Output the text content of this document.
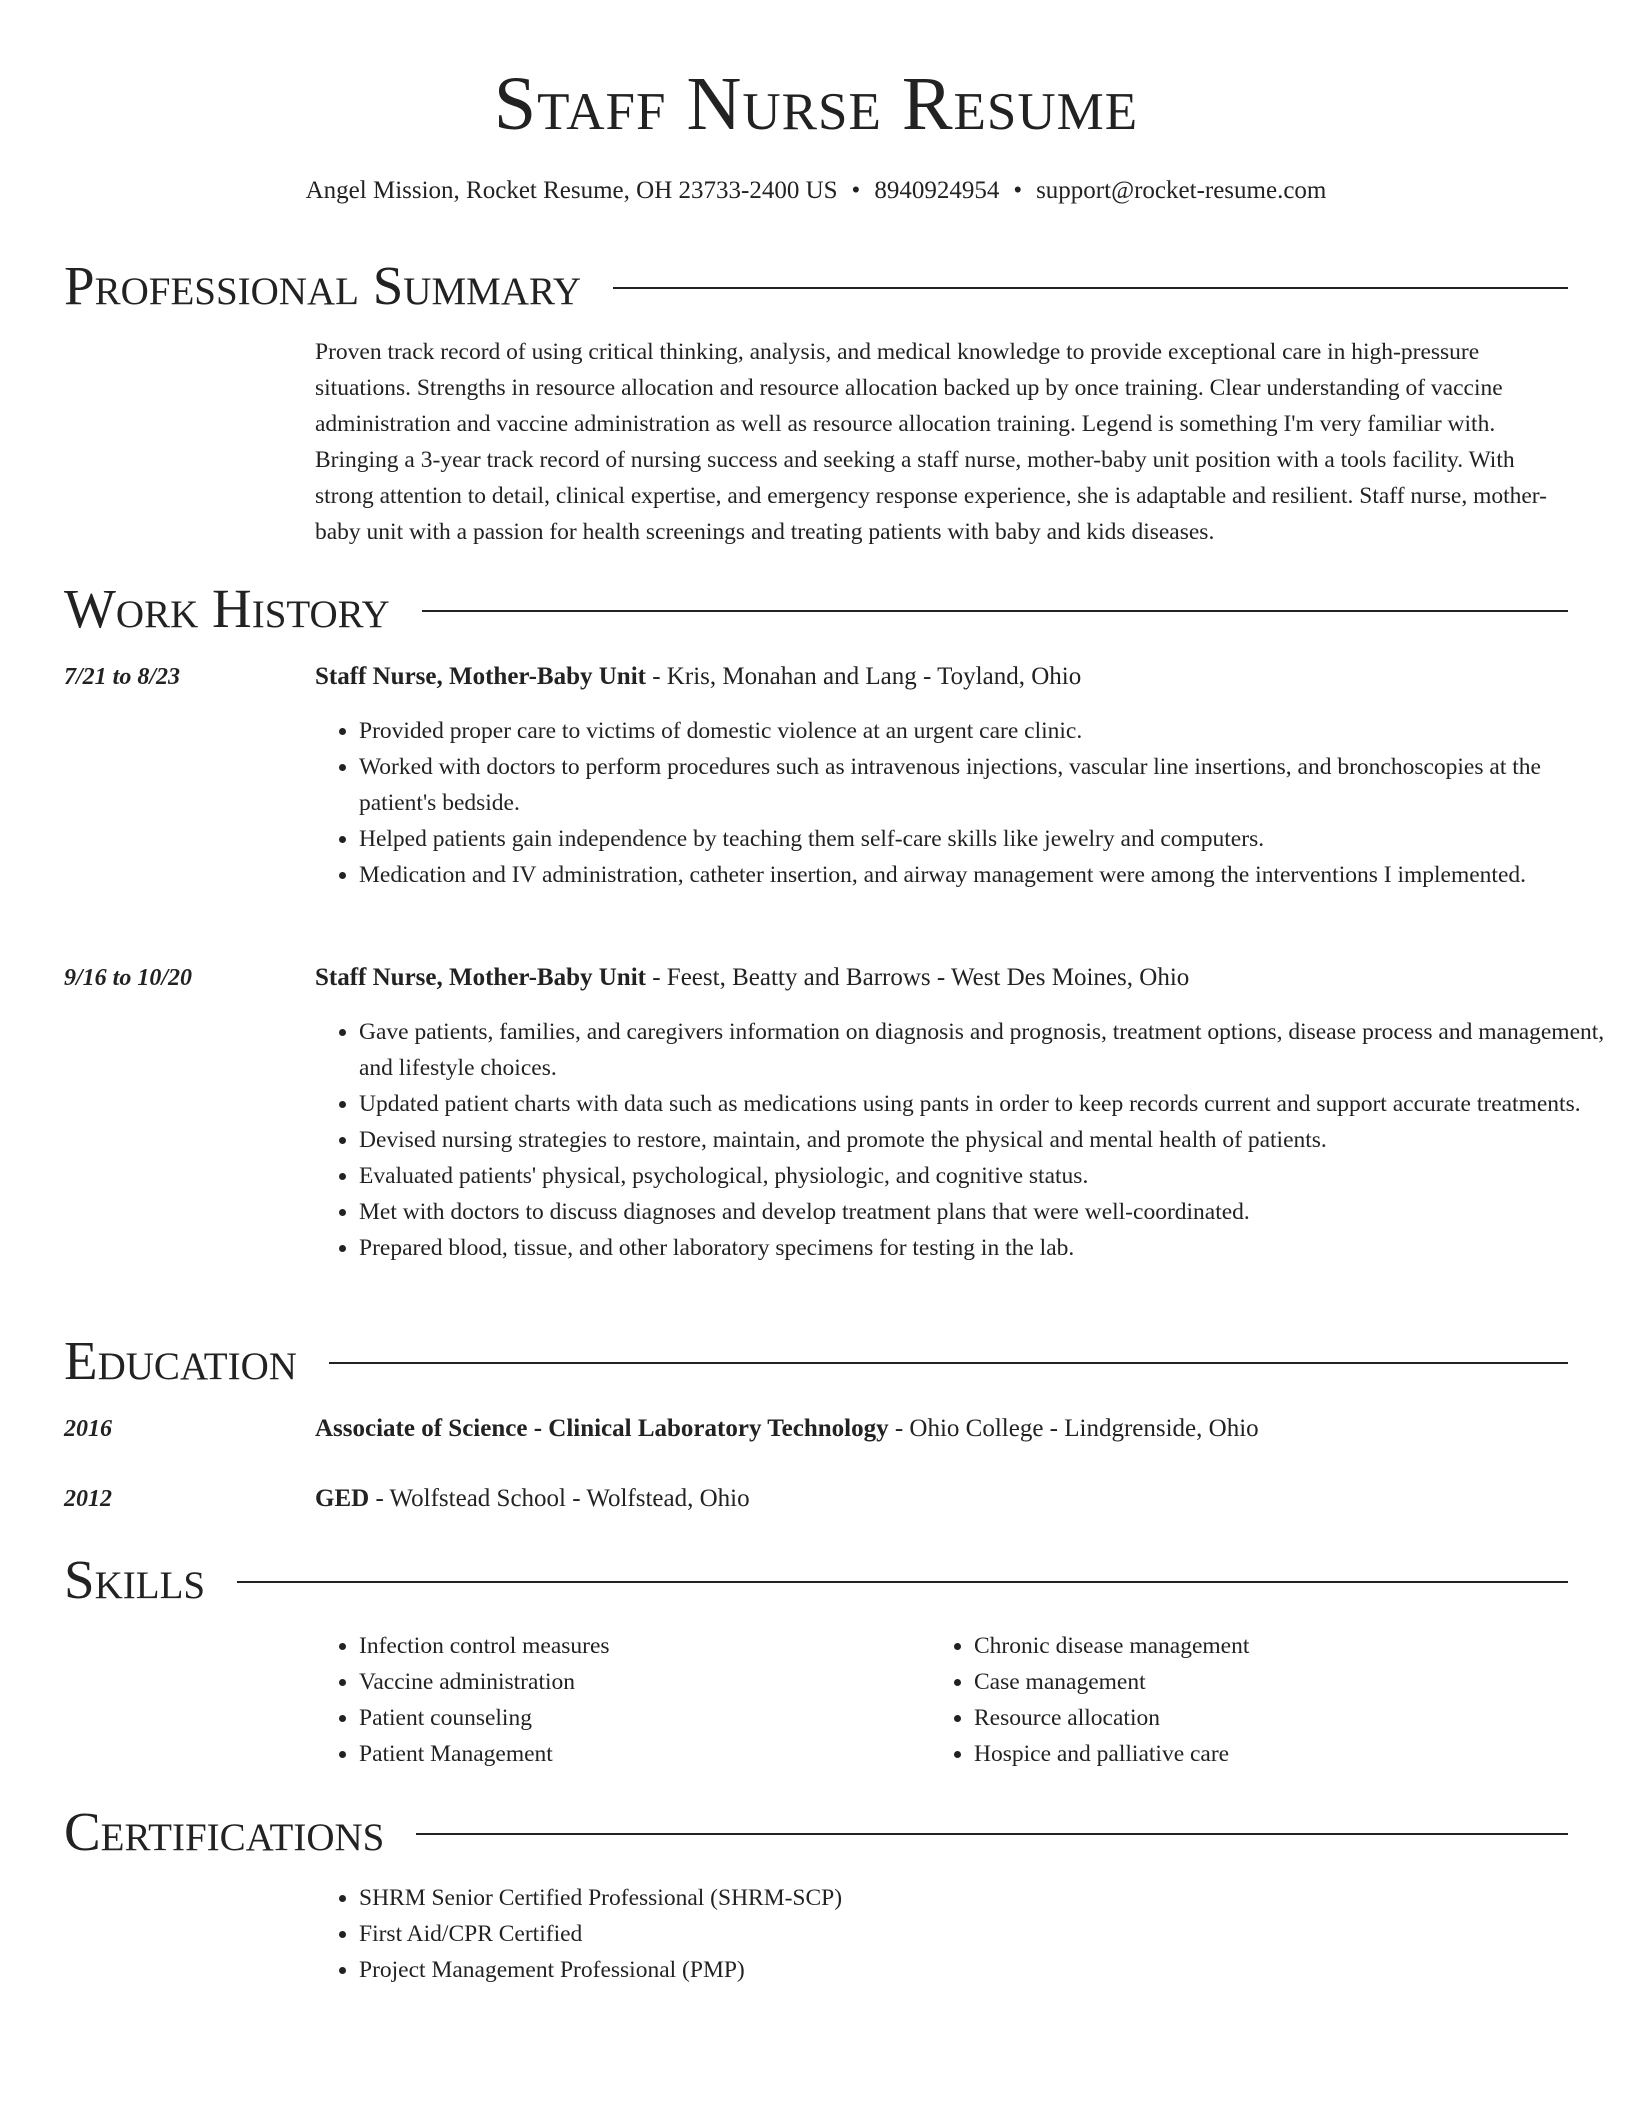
Staff Nurse Resume
Angel Mission, Rocket Resume, OH 23733-2400 US • 8940924954 • support@rocket-resume.com
Professional Summary
Proven track record of using critical thinking, analysis, and medical knowledge to provide exceptional care in high-pressure situations. Strengths in resource allocation and resource allocation backed up by once training. Clear understanding of vaccine administration and vaccine administration as well as resource allocation training. Legend is something I'm very familiar with. Bringing a 3-year track record of nursing success and seeking a staff nurse, mother-baby unit position with a tools facility. With strong attention to detail, clinical expertise, and emergency response experience, she is adaptable and resilient. Staff nurse, mother-baby unit with a passion for health screenings and treating patients with baby and kids diseases.
Work History
7/21 to 8/23	Staff Nurse, Mother-Baby Unit - Kris, Monahan and Lang - Toyland, Ohio
• Provided proper care to victims of domestic violence at an urgent care clinic.
• Worked with doctors to perform procedures such as intravenous injections, vascular line insertions, and bronchoscopies at the patient's bedside.
• Helped patients gain independence by teaching them self-care skills like jewelry and computers.
• Medication and IV administration, catheter insertion, and airway management were among the interventions I implemented.
9/16 to 10/20	Staff Nurse, Mother-Baby Unit - Feest, Beatty and Barrows - West Des Moines, Ohio
• Gave patients, families, and caregivers information on diagnosis and prognosis, treatment options, disease process and management, and lifestyle choices.
• Updated patient charts with data such as medications using pants in order to keep records current and support accurate treatments.
• Devised nursing strategies to restore, maintain, and promote the physical and mental health of patients.
• Evaluated patients' physical, psychological, physiologic, and cognitive status.
• Met with doctors to discuss diagnoses and develop treatment plans that were well-coordinated.
• Prepared blood, tissue, and other laboratory specimens for testing in the lab.
Education
2016	Associate of Science - Clinical Laboratory Technology - Ohio College - Lindgrenside, Ohio
2012	GED - Wolfstead School - Wolfstead, Ohio
Skills
• Infection control measures
• Vaccine administration
• Patient counseling
• Patient Management
• Chronic disease management
• Case management
• Resource allocation
• Hospice and palliative care
Certifications
• SHRM Senior Certified Professional (SHRM-SCP)
• First Aid/CPR Certified
• Project Management Professional (PMP)
